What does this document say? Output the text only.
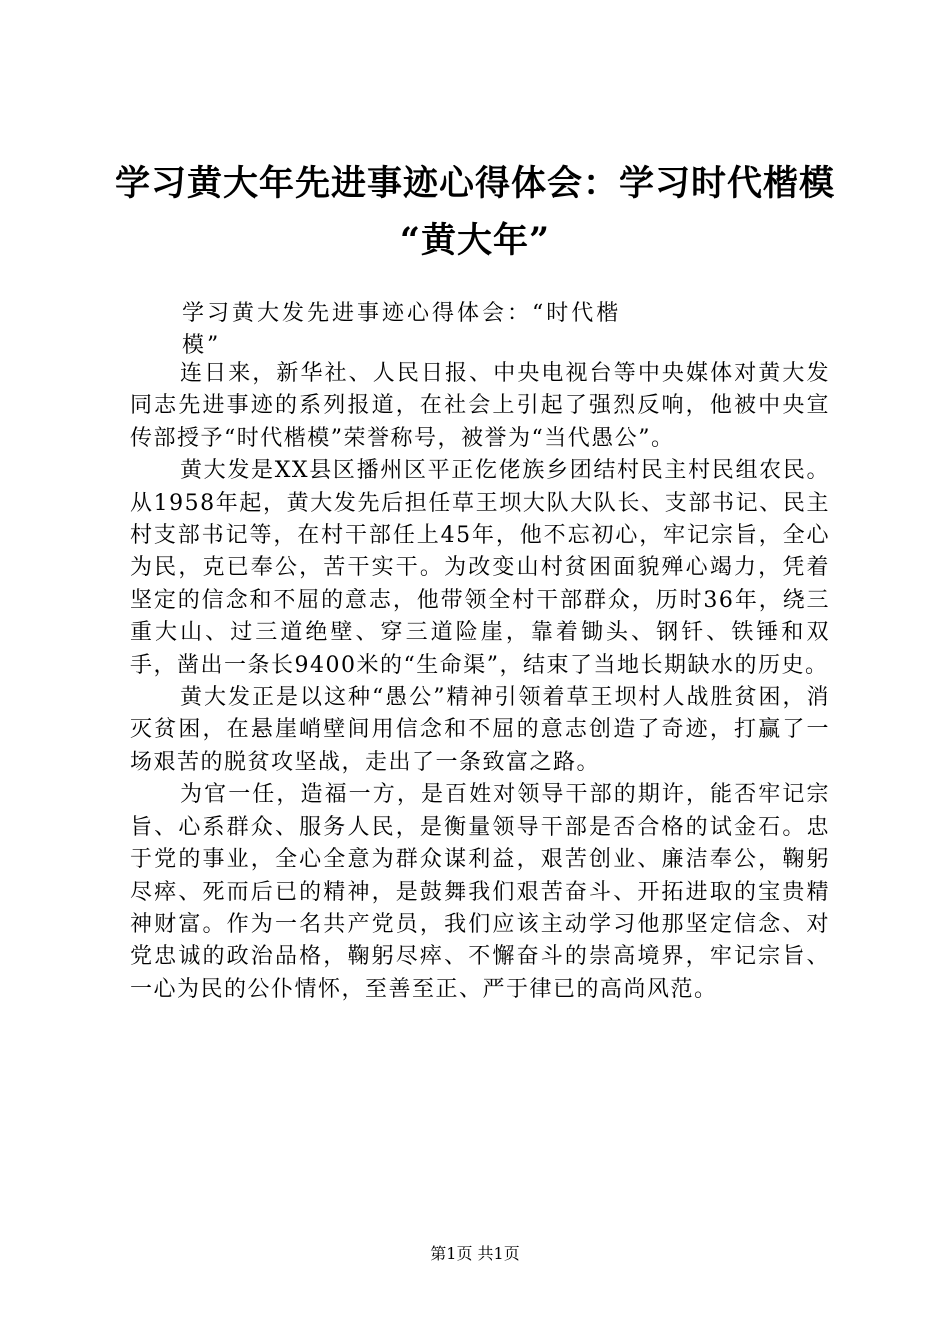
学习黄大年先进事迹心得体会：学习时代楷模
“黄大年”

学习黄大发先进事迹心得体会：“时代楷模”

连日来，新华社、人民日报、中央电视台等中央媒体对黄大发同志先进事迹的系列报道，在社会上引起了强烈反响，他被中央宣传部授予“时代楷模”荣誉称号，被誉为“当代愚公”。

黄大发是XX县区播州区平正仡佬族乡团结村民主村民组农民。从1958年起，黄大发先后担任草王坝大队大队长、支部书记、民主村支部书记等，在村干部任上45年，他不忘初心，牢记宗旨，全心为民，克已奉公，苦干实干。为改变山村贫困面貌殚心竭力，凭着坚定的信念和不屈的意志，他带领全村干部群众，历时36年，绕三重大山、过三道绝壁、穿三道险崖，靠着锄头、钢钎、铁锤和双手，凿出一条长9400米的“生命渠”，结束了当地长期缺水的历史。

黄大发正是以这种“愚公”精神引领着草王坝村人战胜贫困，消灭贫困，在悬崖峭壁间用信念和不屈的意志创造了奇迹，打赢了一场艰苦的脱贫攻坚战，走出了一条致富之路。

为官一任，造福一方，是百姓对领导干部的期许，能否牢记宗旨、心系群众、服务人民，是衡量领导干部是否合格的试金石。忠于党的事业，全心全意为群众谋利益，艰苦创业、廉洁奉公，鞠躬尽瘁、死而后已的精神，是鼓舞我们艰苦奋斗、开拓进取的宝贵精神财富。作为一名共产党员，我们应该主动学习他那坚定信念、对党忠诚的政治品格，鞠躬尽瘁、不懈奋斗的崇高境界，牢记宗旨、一心为民的公仆情怀，至善至正、严于律已的高尚风范。

第1页 共1页
